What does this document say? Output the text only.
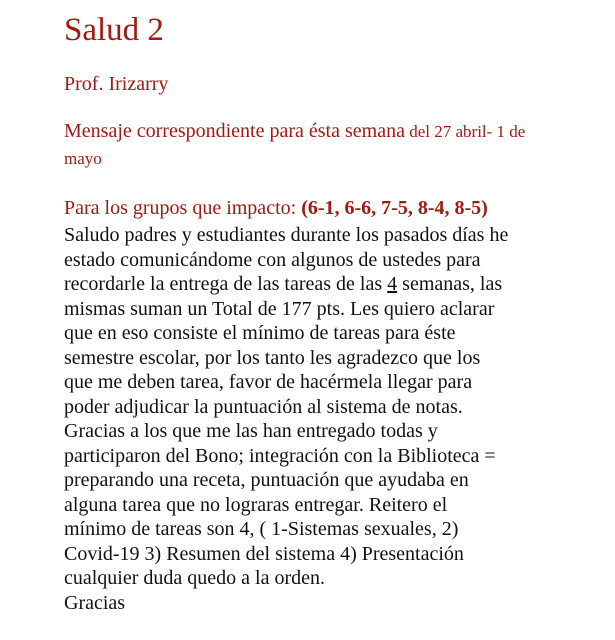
Salud 2
Prof. Irizarry
Mensaje correspondiente para ésta semana del 27 abril- 1 de mayo
Para los grupos que impacto: (6-1, 6-6, 7-5, 8-4, 8-5)
Saludo padres y estudiantes durante los pasados días he
estado comunicándome con algunos de ustedes para
recordarle la entrega de las tareas de las 4 semanas, las
mismas suman un Total de 177 pts. Les quiero aclarar
que en eso consiste el mínimo de tareas para éste
semestre escolar, por los tanto les agradezco que los
que me deben tarea, favor de hacérmela llegar para
poder adjudicar la puntuación al sistema de notas.
Gracias a los que me las han entregado todas y
participaron del Bono; integración con la Biblioteca =
preparando una receta, puntuación que ayudaba en
alguna tarea que no lograras entregar. Reitero el
mínimo de tareas son 4, ( 1-Sistemas sexuales, 2)
Covid-19 3) Resumen del sistema 4) Presentación
cualquier duda quedo a la orden.
Gracias
